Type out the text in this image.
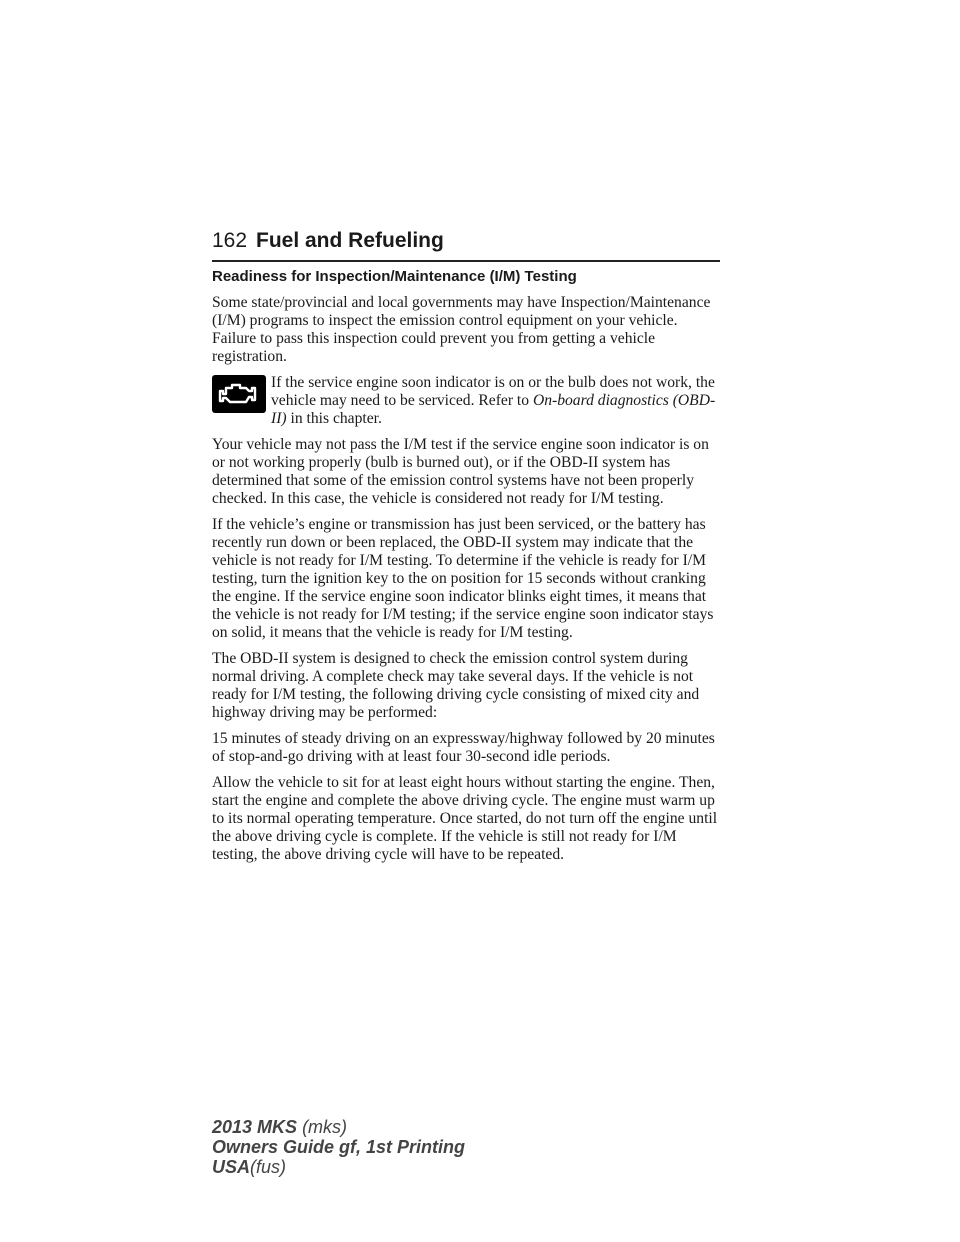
162 Fuel and Refueling
Readiness for Inspection/Maintenance (I/M) Testing

Some state/provincial and local governments may have Inspection/Maintenance (I/M) programs to inspect the emission control equipment on your vehicle. Failure to pass this inspection could prevent you from getting a vehicle registration.

If the service engine soon indicator is on or the bulb does not work, the vehicle may need to be serviced. Refer to On-board diagnostics (OBD-II) in this chapter.

Your vehicle may not pass the I/M test if the service engine soon indicator is on or not working properly (bulb is burned out), or if the OBD-II system has determined that some of the emission control systems have not been properly checked. In this case, the vehicle is considered not ready for I/M testing.

If the vehicle’s engine or transmission has just been serviced, or the battery has recently run down or been replaced, the OBD-II system may indicate that the vehicle is not ready for I/M testing. To determine if the vehicle is ready for I/M testing, turn the ignition key to the on position for 15 seconds without cranking the engine. If the service engine soon indicator blinks eight times, it means that the vehicle is not ready for I/M testing; if the service engine soon indicator stays on solid, it means that the vehicle is ready for I/M testing.

The OBD-II system is designed to check the emission control system during normal driving. A complete check may take several days. If the vehicle is not ready for I/M testing, the following driving cycle consisting of mixed city and highway driving may be performed:

15 minutes of steady driving on an expressway/highway followed by 20 minutes of stop-and-go driving with at least four 30-second idle periods.

Allow the vehicle to sit for at least eight hours without starting the engine. Then, start the engine and complete the above driving cycle. The engine must warm up to its normal operating temperature. Once started, do not turn off the engine until the above driving cycle is complete. If the vehicle is still not ready for I/M testing, the above driving cycle will have to be repeated.

2013 MKS (mks)
Owners Guide gf, 1st Printing
USA(fus)
